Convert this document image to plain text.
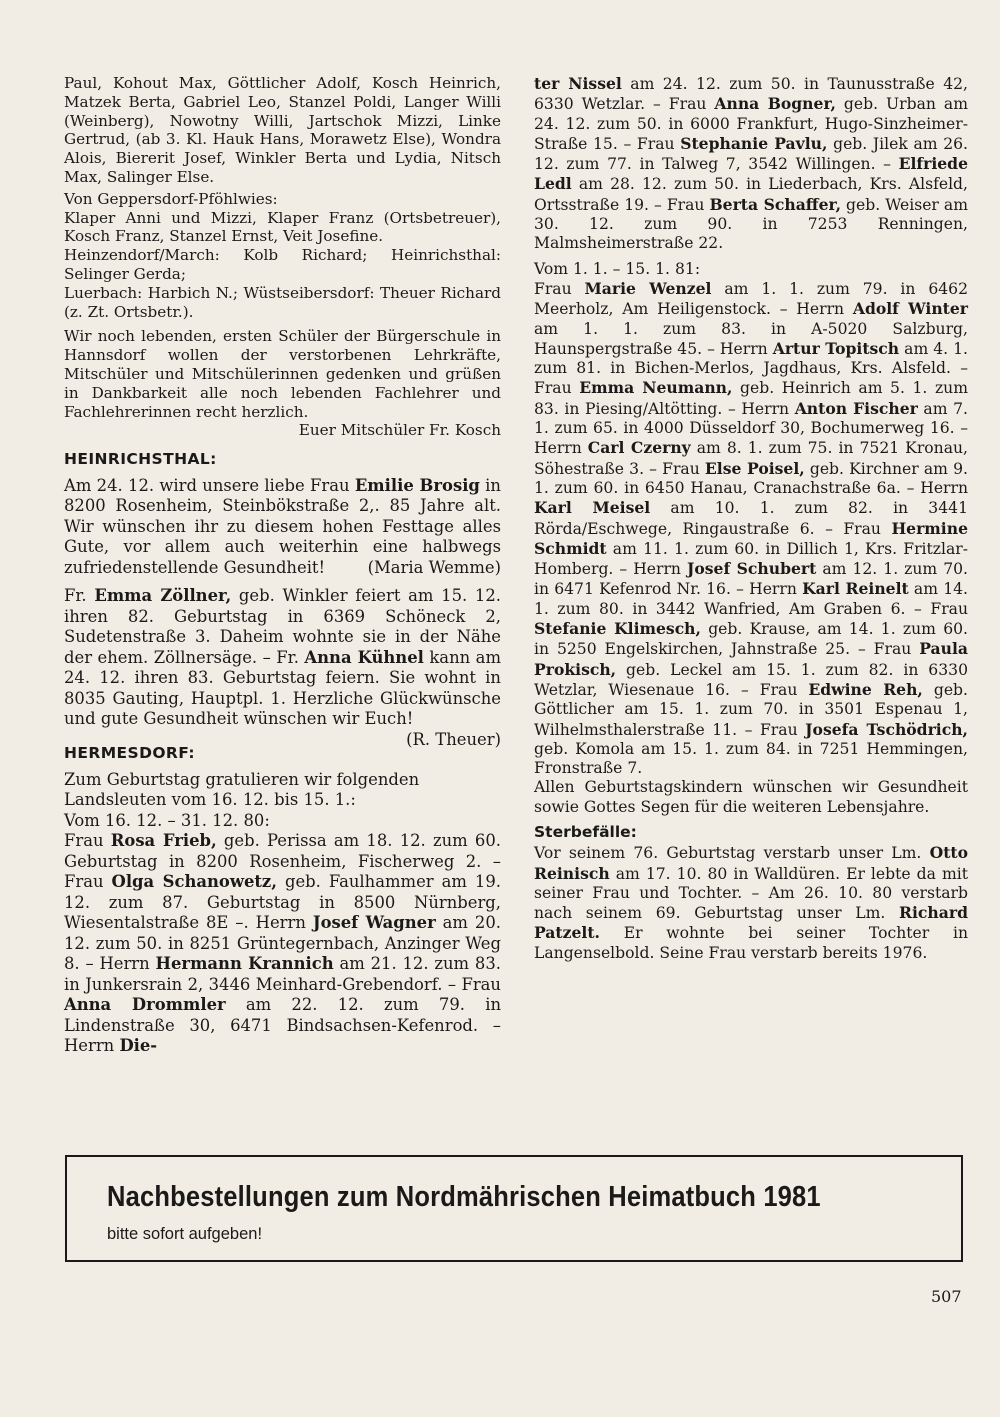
Paul, Kohout Max, Göttlicher Adolf, Kosch Heinrich, Matzek Berta, Gabriel Leo, Stanzel Poldi, Langer Willi (Weinberg), Nowotny Willi, Jartschok Mizzi, Linke Gertrud, (ab 3. Kl. Hauk Hans, Morawetz Else), Wondra Alois, Biererit Josef, Winkler Berta und Lydia, Nitsch Max, Salinger Else.

Von Geppersdorf-Pföhlwies:

Klaper Anni und Mizzi, Klaper Franz (Ortsbetreuer), Kosch Franz, Stanzel Ernst, Veit Josefine.

Heinzendorf/March: Kolb Richard; Heinrichsthal: Selinger Gerda;

Luerbach: Harbich N.; Wüstseibersdorf: Theuer Richard (z. Zt. Ortsbetr.).

Wir noch lebenden, ersten Schüler der Bürgerschule in Hannsdorf wollen der verstorbenen Lehrkräfte, Mitschüler und Mitschülerinnen gedenken und grüßen in Dankbarkeit alle noch lebenden Fachlehrer und Fachlehrerinnen recht herzlich.

Euer Mitschüler Fr. Kosch

HEINRICHSTHAL:

Am 24. 12. wird unsere liebe Frau Emilie Brosig in 8200 Rosenheim, Steinbökstraße 2,. 85 Jahre alt. Wir wünschen ihr zu diesem hohen Festtage alles Gute, vor allem auch weiterhin eine halbwegs zufriedenstellende Gesundheit!	(Maria Wemme)

Fr. Emma Zöllner, geb. Winkler feiert am 15. 12. ihren 82. Geburtstag in 6369 Schöneck 2, Sudetenstraße 3. Daheim wohnte sie in der Nähe der ehem. Zöllnersäge. – Fr. Anna Kühnel kann am 24. 12. ihren 83. Geburtstag feiern. Sie wohnt in 8035 Gauting, Hauptpl. 1. Herzliche Glückwünsche und gute Gesundheit wünschen wir Euch!
(R. Theuer)

HERMESDORF:
Zum Geburtstag gratulieren wir folgenden Landsleuten vom 16. 12. bis 15. 1.:
Vom 16. 12. – 31. 12. 80:

Frau Rosa Frieb, geb. Perissa am 18. 12. zum 60. Geburtstag in 8200 Rosenheim, Fischerweg 2. – Frau Olga Schanowetz, geb. Faulhammer am 19. 12. zum 87. Geburtstag in 8500 Nürnberg, Wiesentalstraße 8E –. Herrn Josef Wagner am 20. 12. zum 50. in 8251 Grüntegernbach, Anzinger Weg 8. – Herrn Hermann Krannich am 21. 12. zum 83. in Junkersrain 2, 3446 Meinhard-Grebendorf. – Frau Anna Drommler am 22. 12. zum 79. in Lindenstraße 30, 6471 Bindsachsen-Kefenrod. – Herrn Die-

ter Nissel am 24. 12. zum 50. in Taunusstraße 42, 6330 Wetzlar. – Frau Anna Bogner, geb. Urban am 24. 12. zum 50. in 6000 Frankfurt, Hugo-Sinzheimer-Straße 15. – Frau Stephanie Pavlu, geb. Jilek am 26. 12. zum 77. in Talweg 7, 3542 Willingen. – Elfriede Ledl am 28. 12. zum 50. in Liederbach, Krs. Alsfeld, Ortsstraße 19. – Frau Berta Schaffer, geb. Weiser am 30. 12. zum 90. in 7253 Renningen, Malmsheimerstraße 22.

Vom 1. 1. – 15. 1. 81:

Frau Marie Wenzel am 1. 1. zum 79. in 6462 Meerholz, Am Heiligenstock. – Herrn Adolf Winter am 1. 1. zum 83. in A-5020 Salzburg, Haunspergstraße 45. – Herrn Artur Topitsch am 4. 1. zum 81. in Bichen-Merlos, Jagdhaus, Krs. Alsfeld. – Frau Emma Neumann, geb. Heinrich am 5. 1. zum 83. in Piesing/Altötting. – Herrn Anton Fischer am 7. 1. zum 65. in 4000 Düsseldorf 30, Bochumerweg 16. – Herrn Carl Czerny am 8. 1. zum 75. in 7521 Kronau, Söhestraße 3. – Frau Else Poisel, geb. Kirchner am 9. 1. zum 60. in 6450 Hanau, Cranachstraße 6a. – Herrn Karl Meisel am 10. 1. zum 82. in 3441 Rörda/Eschwege, Ringaustraße 6. – Frau Hermine Schmidt am 11. 1. zum 60. in Dillich 1, Krs. Fritzlar-Homberg. – Herrn Josef Schubert am 12. 1. zum 70. in 6471 Kefenrod Nr. 16. – Herrn Karl Reinelt am 14. 1. zum 80. in 3442 Wanfried, Am Graben 6. – Frau Stefanie Klimesch, geb. Krause, am 14. 1. zum 60. in 5250 Engelskirchen, Jahnstraße 25. – Frau Paula Prokisch, geb. Leckel am 15. 1. zum 82. in 6330 Wetzlar, Wiesenaue 16. – Frau Edwine Reh, geb. Göttlicher am 15. 1. zum 70. in 3501 Espenau 1, Wilhelmsthalerstraße 11. – Frau Josefa Tschödrich, geb. Komola am 15. 1. zum 84. in 7251 Hemmingen, Fronstraße 7.

Allen Geburtstagskindern wünschen wir Gesundheit sowie Gottes Segen für die weiteren Lebensjahre.

Sterbefälle:

Vor seinem 76. Geburtstag verstarb unser Lm. Otto Reinisch am 17. 10. 80 in Walldüren. Er lebte da mit seiner Frau und Tochter. – Am 26. 10. 80 verstarb nach seinem 69. Geburtstag unser Lm. Richard Patzelt. Er wohnte bei seiner Tochter in Langenselbold. Seine Frau verstarb bereits 1976.

Nachbestellungen zum Nordmährischen Heimatbuch 1981
bitte sofort aufgeben!
507
